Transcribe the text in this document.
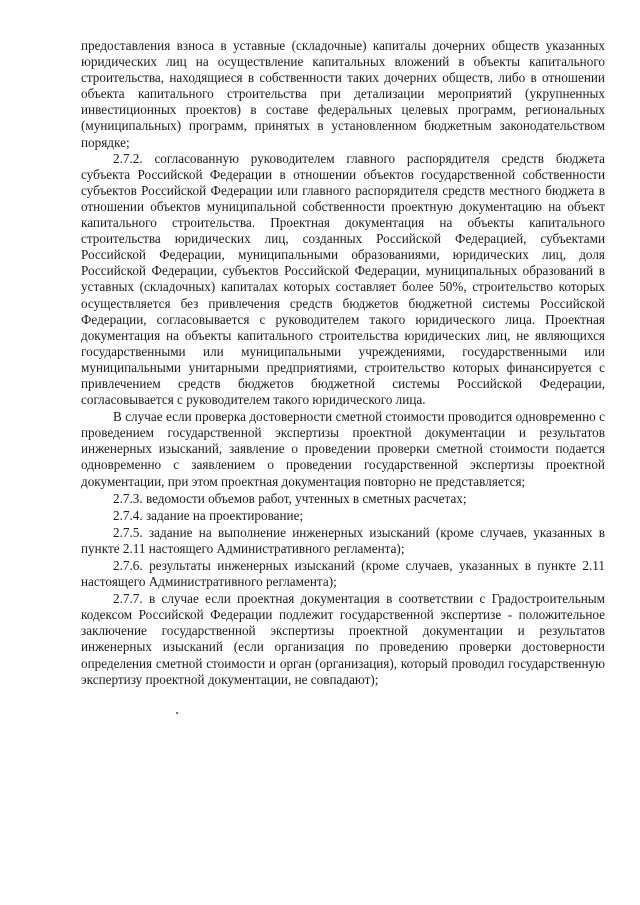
предоставления взноса в уставные (складочные) капиталы дочерних обществ указанных юридических лиц на осуществление капитальных вложений в объекты капитального строительства, находящиеся в собственности таких дочерних обществ, либо в отношении объекта капитального строительства при детализации мероприятий (укрупненных инвестиционных проектов) в составе федеральных целевых программ, региональных (муниципальных) программ, принятых в установленном бюджетным законодательством порядке;

2.7.2. согласованную руководителем главного распорядителя средств бюджета субъекта Российской Федерации в отношении объектов государственной собственности субъектов Российской Федерации или главного распорядителя средств местного бюджета в отношении объектов муниципальной собственности проектную документацию на объект капитального строительства. Проектная документация на объекты капитального строительства юридических лиц, созданных Российской Федерацией, субъектами Российской Федерации, муниципальными образованиями, юридических лиц, доля Российской Федерации, субъектов Российской Федерации, муниципальных образований в уставных (складочных) капиталах которых составляет более 50%, строительство которых осуществляется без привлечения средств бюджетов бюджетной системы Российской Федерации, согласовывается с руководителем такого юридического лица. Проектная документация на объекты капитального строительства юридических лиц, не являющихся государственными или муниципальными учреждениями, государственными или муниципальными унитарными предприятиями, строительство которых финансируется с привлечением средств бюджетов бюджетной системы Российской Федерации, согласовывается с руководителем такого юридического лица.

В случае если проверка достоверности сметной стоимости проводится одновременно с проведением государственной экспертизы проектной документации и результатов инженерных изысканий, заявление о проведении проверки сметной стоимости подается одновременно с заявлением о проведении государственной экспертизы проектной документации, при этом проектная документация повторно не представляется;

2.7.3. ведомости объемов работ, учтенных в сметных расчетах;

2.7.4. задание на проектирование;

2.7.5. задание на выполнение инженерных изысканий (кроме случаев, указанных в пункте 2.11 настоящего Административного регламента);

2.7.6. результаты инженерных изысканий (кроме случаев, указанных в пункте 2.11 настоящего Административного регламента);

2.7.7. в случае если проектная документация в соответствии с Градостроительным кодексом Российской Федерации подлежит государственной экспертизе - положительное заключение государственной экспертизы проектной документации и результатов инженерных изысканий (если организация по проведению проверки достоверности определения сметной стоимости и орган (организация), который проводил государственную экспертизу проектной документации, не совпадают);
